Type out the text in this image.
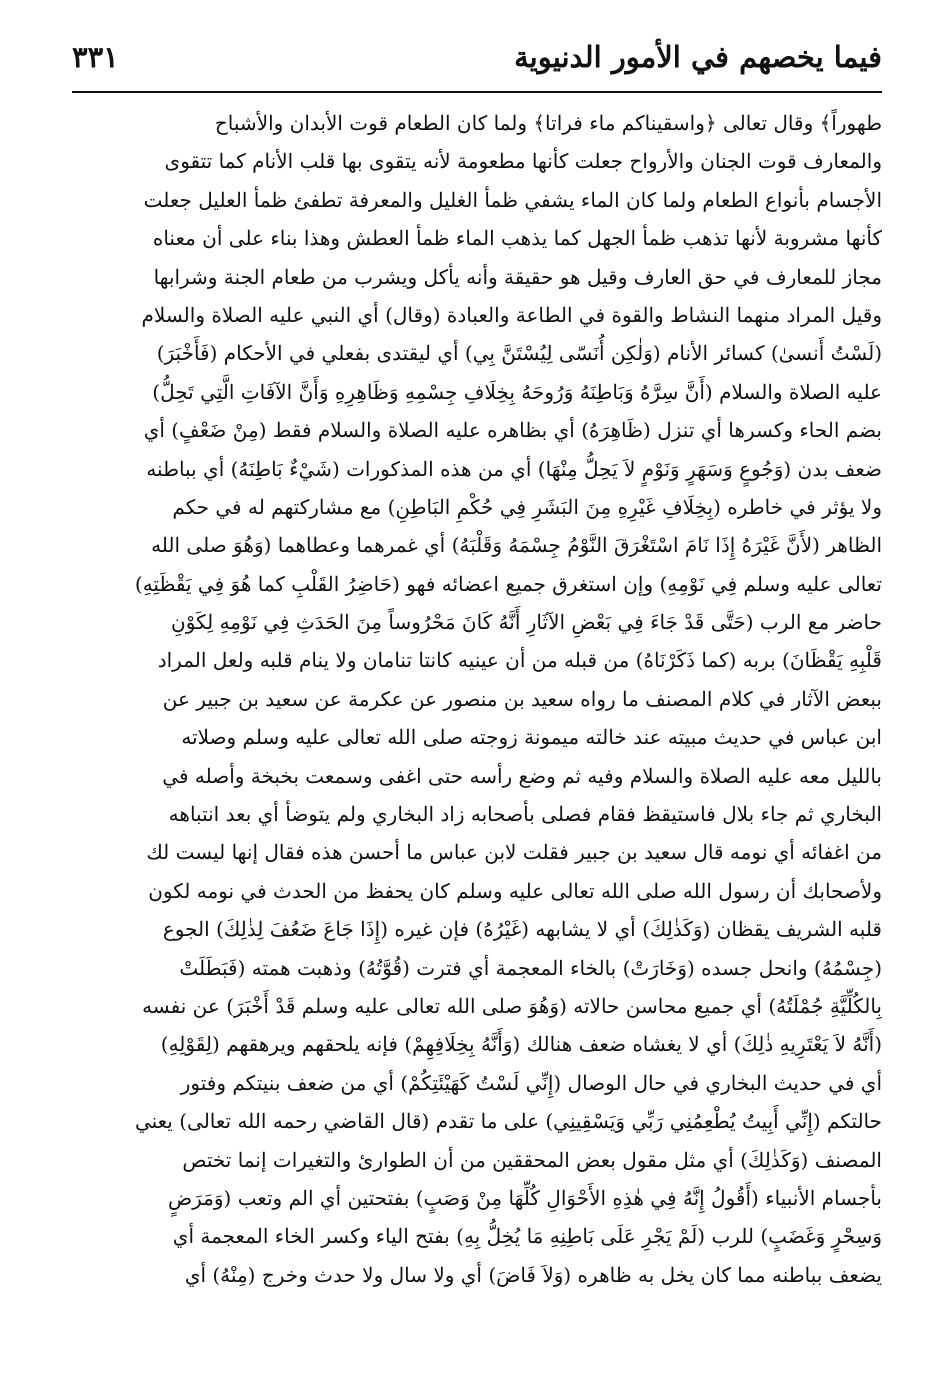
فيما يخصهم في الأمور الدنيوية
٣٣١
طهوراً﴾ وقال تعالى ﴿واسقيناكم ماء فراتا﴾ ولما كان الطعام قوت الأبدان والأشباح
والمعارف قوت الجنان والأرواح جعلت كأنها مطعومة لأنه يتقوى بها قلب الأنام كما تتقوى
الأجسام بأنواع الطعام ولما كان الماء يشفي ظمأ الغليل والمعرفة تطفئ ظمأ العليل جعلت
كأنها مشروبة لأنها تذهب ظمأ الجهل كما يذهب الماء ظمأ العطش وهذا بناء على أن معناه
مجاز للمعارف في حق العارف وقيل هو حقيقة وأنه يأكل ويشرب من طعام الجنة وشرابها
وقيل المراد منهما النشاط والقوة في الطاعة والعبادة (وقال) أي النبي عليه الصلاة والسلام
(لَسْتُ أَنسىٰ) كسائر الأنام (وَلٰكِن أُنَسّى لِيُسْتَنَّ بِي) أي ليقتدى بفعلي في الأحكام (فَأَخْبَرَ)
عليه الصلاة والسلام (أَنَّ سِرَّهُ وَبَاطِنَهُ وَرُوحَهُ بِخِلَافِ جِسْمِهِ وَظَاهِرِهِ وَأَنَّ الآفَاتِ الَّتِي تَحِلُّ)
بضم الحاء وكسرها أي تنزل (ظَاهِرَهُ) أي بظاهره عليه الصلاة والسلام فقط (مِنْ ضَعْفٍ) أي
ضعف بدن (وَجُوعٍ وَسَهَرٍ وَنَوْمٍ لاَ يَحِلُّ مِنْهَا) أي من هذه المذكورات (شَيْءٌ بَاطِنَهُ) أي بباطنه
ولا يؤثر في خاطره (بِخِلَافِ غَيْرِهِ مِنَ البَشَرِ فِي حُكْمِ البَاطِنِ) مع مشاركتهم له في حكم
الظاهر (لأَنَّ غَيْرَهُ إِذَا نَامَ اسْتَغْرَقَ النَّوْمُ جِسْمَهُ وَقَلْبَهُ) أي غمرهما وعطاهما (وَهُوَ صلى الله
تعالى عليه وسلم فِي نَوْمِهِ) وإن استغرق جميع اعضائه فهو (حَاضِرُ القَلْبِ كما هُوَ فِي يَقْظَتِهِ)
حاضر مع الرب (حَتَّى قَدْ جَاءَ فِي بَعْضِ الآثَارِ أَنَّهُ كَانَ مَحْرُوساً مِنَ الحَدَثِ فِي نَوْمِهِ لِكَوْنِ
قَلْبِهِ يَقْظَانَ) بربه (كما ذَكَرْنَاهُ) من قبله من أن عينيه كانتا تنامان ولا ينام قلبه ولعل المراد
ببعض الآثار في كلام المصنف ما رواه سعيد بن منصور عن عكرمة عن سعيد بن جبير عن
ابن عباس في حديث مبيته عند خالته ميمونة زوجته صلى الله تعالى عليه وسلم وصلاته
بالليل معه عليه الصلاة والسلام وفيه ثم وضع رأسه حتى اغفى وسمعت بخبخة وأصله في
البخاري ثم جاء بلال فاستيقظ فقام فصلى بأصحابه زاد البخاري ولم يتوضأ أي بعد انتباهه
من اغفائه أي نومه قال سعيد بن جبير فقلت لابن عباس ما أحسن هذه فقال إنها ليست لك
ولأصحابك أن رسول الله صلى الله تعالى عليه وسلم كان يحفظ من الحدث في نومه لكون
قلبه الشريف يقظان (وَكَذٰلِكَ) أي لا يشابهه (غَيْرُهُ) فإن غيره (إِذَا جَاعَ ضَعُفَ لِذٰلِكَ) الجوع
(جِسْمُهُ) وانحل جسده (وَخَارَتْ) بالخاء المعجمة أي فترت (قُوَّتُهُ) وذهبت همته (فَبَطَلَتْ
بِالكُلِّيَّةِ جُمْلَتُهُ) أي جميع محاسن حالاته (وَهُوَ صلى الله تعالى عليه وسلم قَدْ أَخْبَرَ) عن نفسه
(أَنَّهُ لاَ يَعْتَرِيهِ ذٰلِكَ) أي لا يغشاه ضعف هنالك (وَأَنَّهُ بِخِلَافِهِمْ) فإنه يلحقهم ويرهقهم (لِقَوْلِهِ)
أي في حديث البخاري في حال الوصال (إِنِّي لَسْتُ كَهَيْئَتِكُمْ) أي من ضعف بنيتكم وفتور
حالتكم (إِنِّي أَبِيتُ يُطْعِمُنِي رَبِّي وَيَسْقِينِي) على ما تقدم (قال القاضي رحمه الله تعالى) يعني
المصنف (وَكَذٰلِكَ) أي مثل مقول بعض المحققين من أن الطوارئ والتغيرات إنما تختص
بأجسام الأنبياء (أَقُولُ إِنَّهُ فِي هٰذِهِ الأَحْوَالِ كُلِّهَا مِنْ وَصَبٍ) بفتحتين أي الم وتعب (وَمَرَضٍ
وَسِحْرٍ وَغَضَبٍ) للرب (لَمْ يَجْرِ عَلَى بَاطِنِهِ مَا يُخِلُّ بِهِ) بفتح الياء وكسر الخاء المعجمة أي
يضعف بباطنه مما كان يخل به ظاهره (وَلاَ فَاضَ) أي ولا سال ولا حدث وخرج (مِنْهُ) أي
